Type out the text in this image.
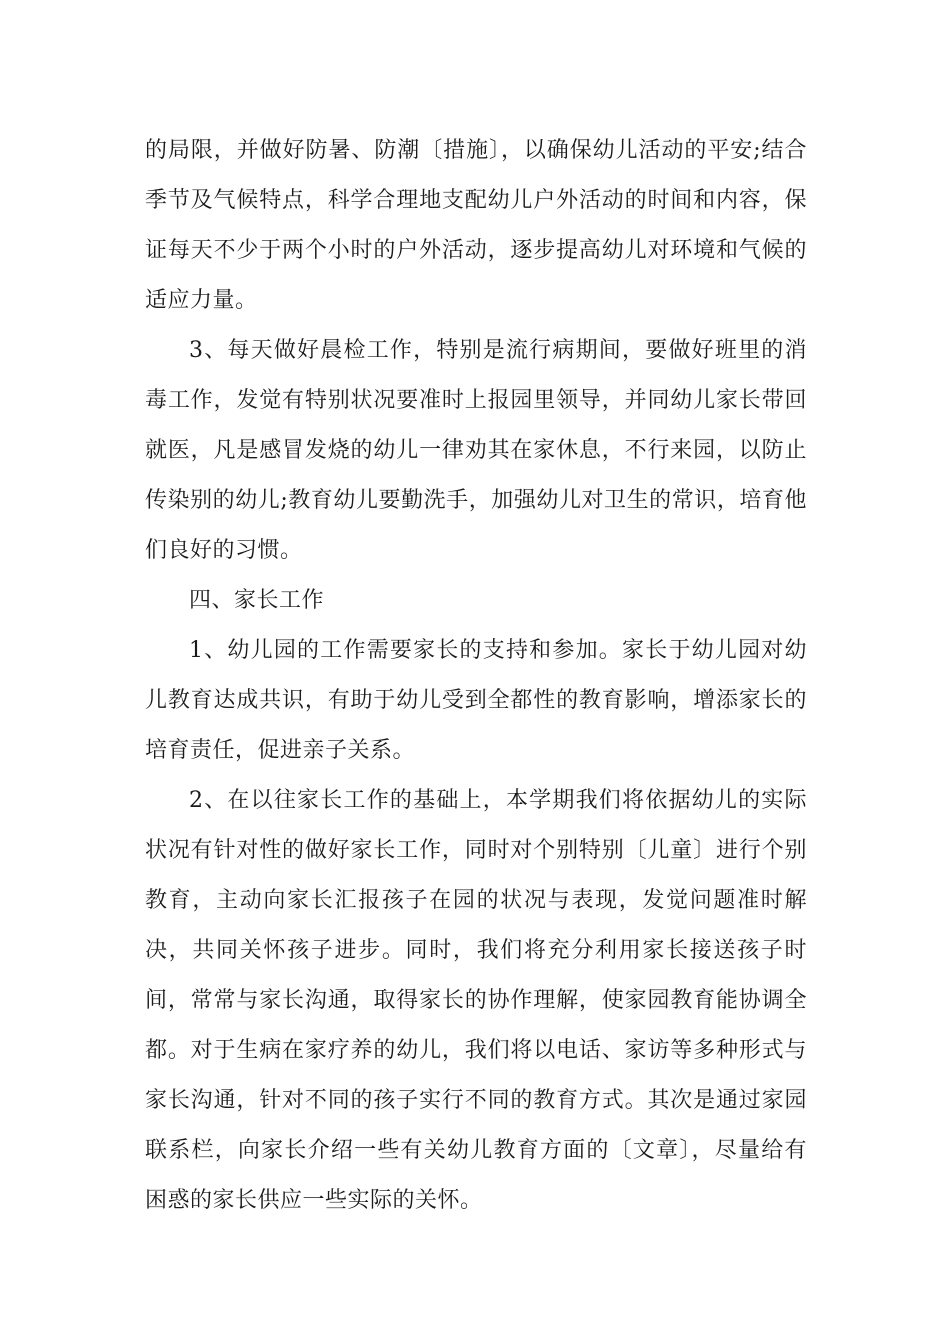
的局限，并做好防暑、防潮〔措施〕，以确保幼儿活动的平安;结合季节及气候特点，科学合理地支配幼儿户外活动的时间和内容，保证每天不少于两个小时的户外活动，逐步提高幼儿对环境和气候的适应力量。

3、每天做好晨检工作，特别是流行病期间，要做好班里的消毒工作，发觉有特别状况要准时上报园里领导，并同幼儿家长带回就医，凡是感冒发烧的幼儿一律劝其在家休息，不行来园，以防止传染别的幼儿;教育幼儿要勤洗手，加强幼儿对卫生的常识，培育他们良好的习惯。

四、家长工作

1、幼儿园的工作需要家长的支持和参加。家长于幼儿园对幼儿教育达成共识，有助于幼儿受到全都性的教育影响，增添家长的培育责任，促进亲子关系。

2、在以往家长工作的基础上，本学期我们将依据幼儿的实际状况有针对性的做好家长工作，同时对个别特别〔儿童〕进行个别教育，主动向家长汇报孩子在园的状况与表现，发觉问题准时解决，共同关怀孩子进步。同时，我们将充分利用家长接送孩子时间，常常与家长沟通，取得家长的协作理解，使家园教育能协调全都。对于生病在家疗养的幼儿，我们将以电话、家访等多种形式与家长沟通，针对不同的孩子实行不同的教育方式。其次是通过家园联系栏，向家长介绍一些有关幼儿教育方面的〔文章〕，尽量给有困惑的家长供应一些实际的关怀。
